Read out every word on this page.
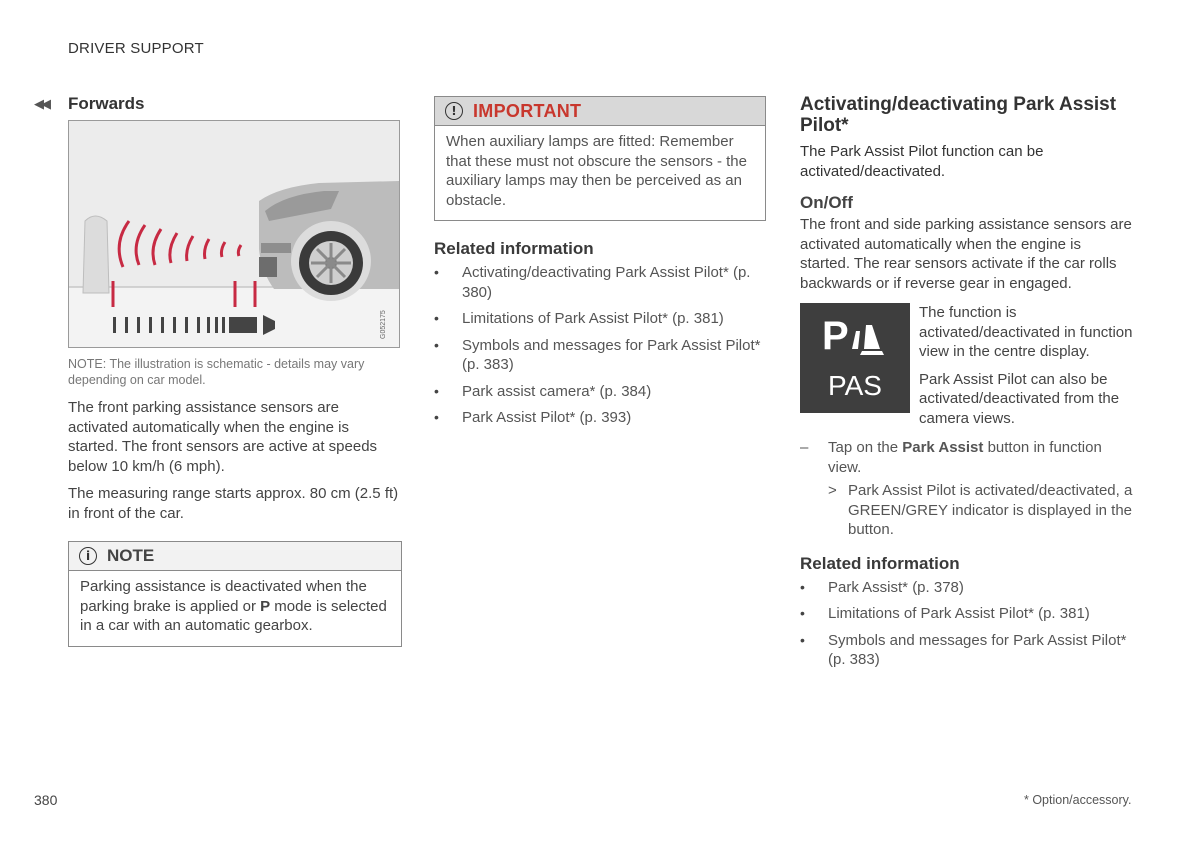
DRIVER SUPPORT
◀◀ Forwards
G052175
NOTE: The illustration is schematic - details may vary depending on car model.

The front parking assistance sensors are activated automatically when the engine is started. The front sensors are active at speeds below 10 km/h (6 mph).

The measuring range starts approx. 80 cm (2.5 ft) in front of the car.

i NOTE
Parking assistance is deactivated when the parking brake is applied or P mode is selected in a car with an automatic gearbox.
! IMPORTANT
When auxiliary lamps are fitted: Remember that these must not obscure the sensors - the auxiliary lamps may then be perceived as an obstacle.
Related information
• Activating/deactivating Park Assist Pilot* (p. 380)
• Limitations of Park Assist Pilot* (p. 381)
• Symbols and messages for Park Assist Pilot* (p. 383)
• Park assist camera* (p. 384)
• Park Assist Pilot* (p. 393)
Activating/deactivating Park Assist Pilot*

The Park Assist Pilot function can be activated/deactivated.

On/Off

The front and side parking assistance sensors are activated automatically when the engine is started. The rear sensors activate if the car rolls backwards or if reverse gear in engaged.

P
PAS

The function is activated/deactivated in function view in the centre display.

Park Assist Pilot can also be activated/deactivated from the camera views.

– Tap on the Park Assist button in function view.
> Park Assist Pilot is activated/deactivated, a GREEN/GREY indicator is displayed in the button.
Related information
• Park Assist* (p. 378)
• Limitations of Park Assist Pilot* (p. 381)
• Symbols and messages for Park Assist Pilot* (p. 383)
380	* Option/accessory.
